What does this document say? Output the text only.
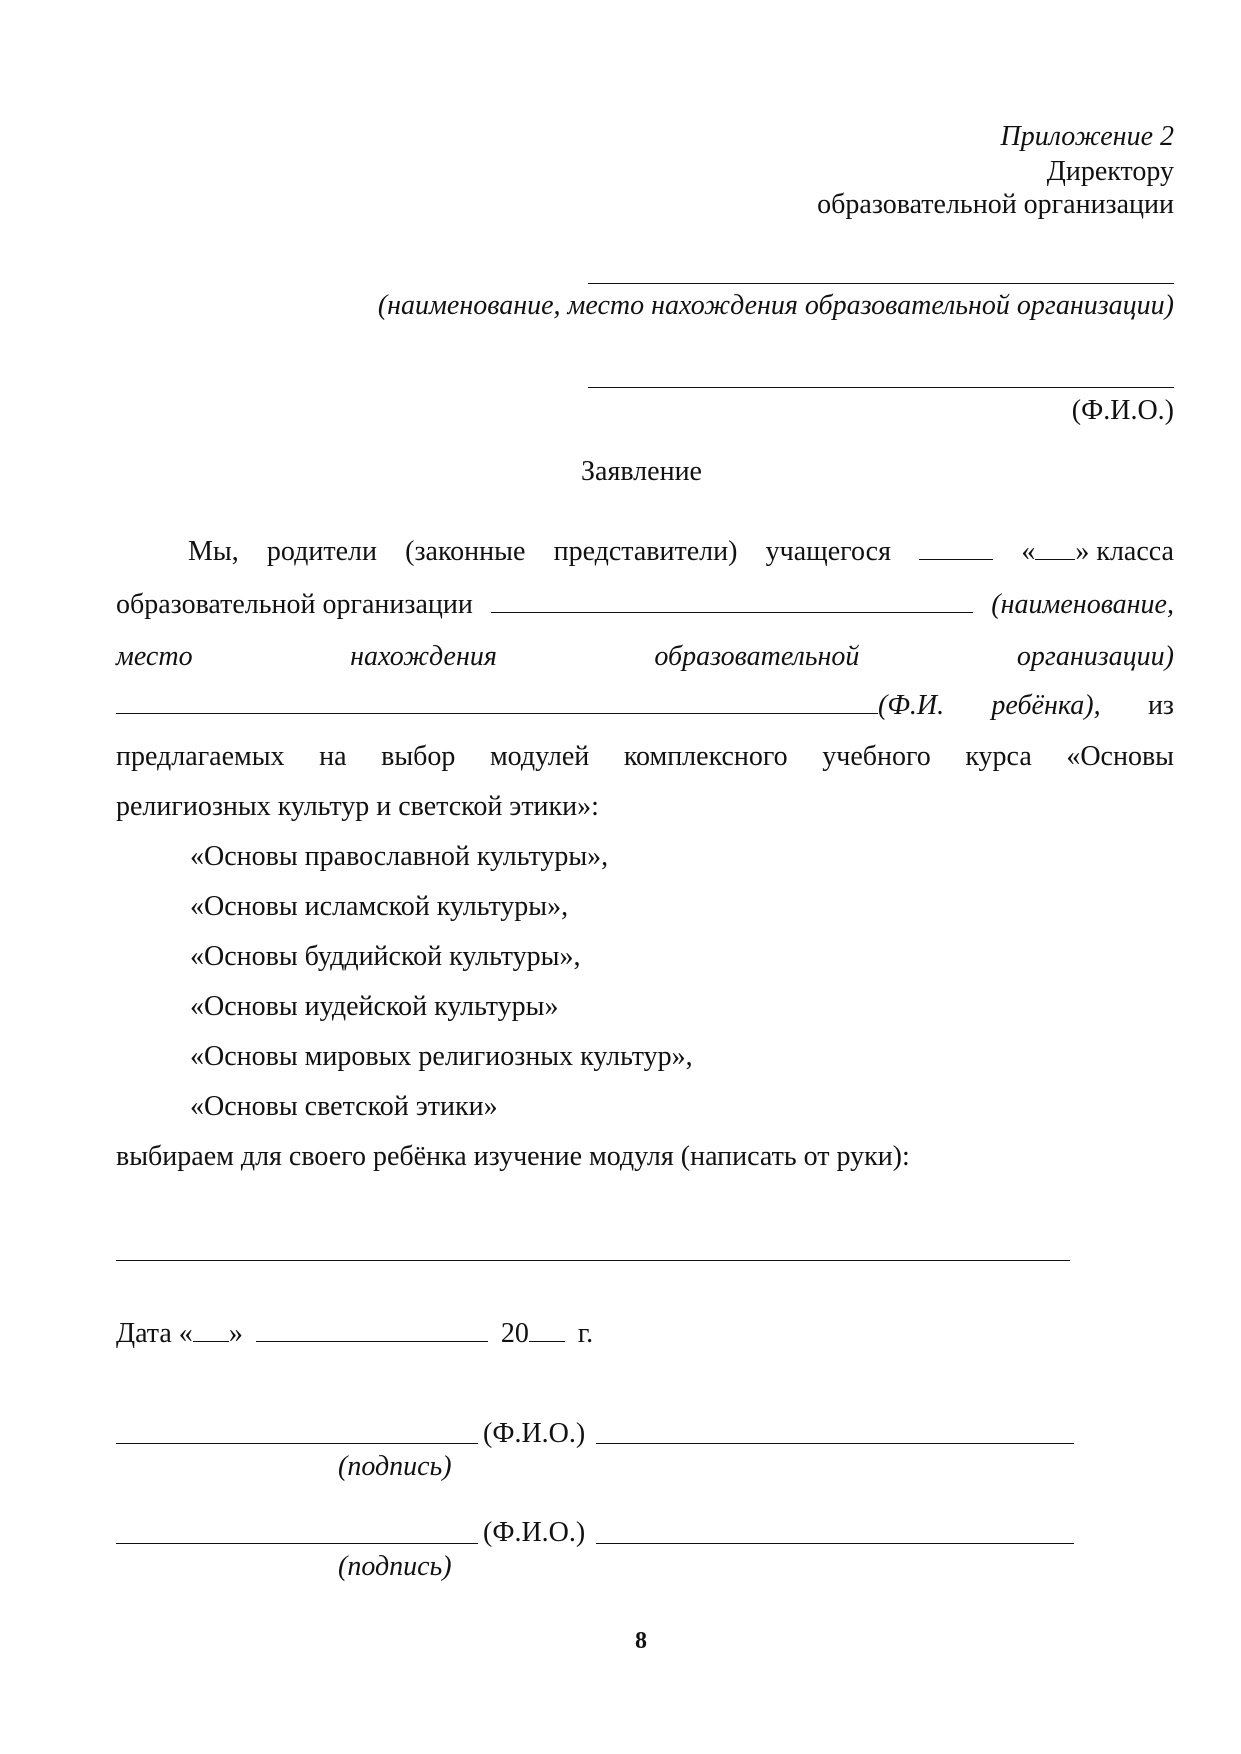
Приложение 2
Директору
образовательной организации
(наименование, место нахождения образовательной организации)
(Ф.И.О.)
Заявление
Мы, родители (законные представители) учащегося	« » класса
образовательной организации	(наименование,
место	нахождения	образовательной	организации)
(Ф.И. ребёнка), из
предлагаемых на выбор модулей комплексного учебного курса «Основы
религиозных культур и светской этики»:
«Основы православной культуры»,
«Основы исламской культуры»,
«Основы буддийской культуры»,
«Основы иудейской культуры»
«Основы мировых религиозных культур»,
«Основы светской этики»
выбираем для своего ребёнка изучение модуля (написать от руки):
Дата « »	20 г.
(Ф.И.О.)
(подпись)
(Ф.И.О.)
(подпись)
8
